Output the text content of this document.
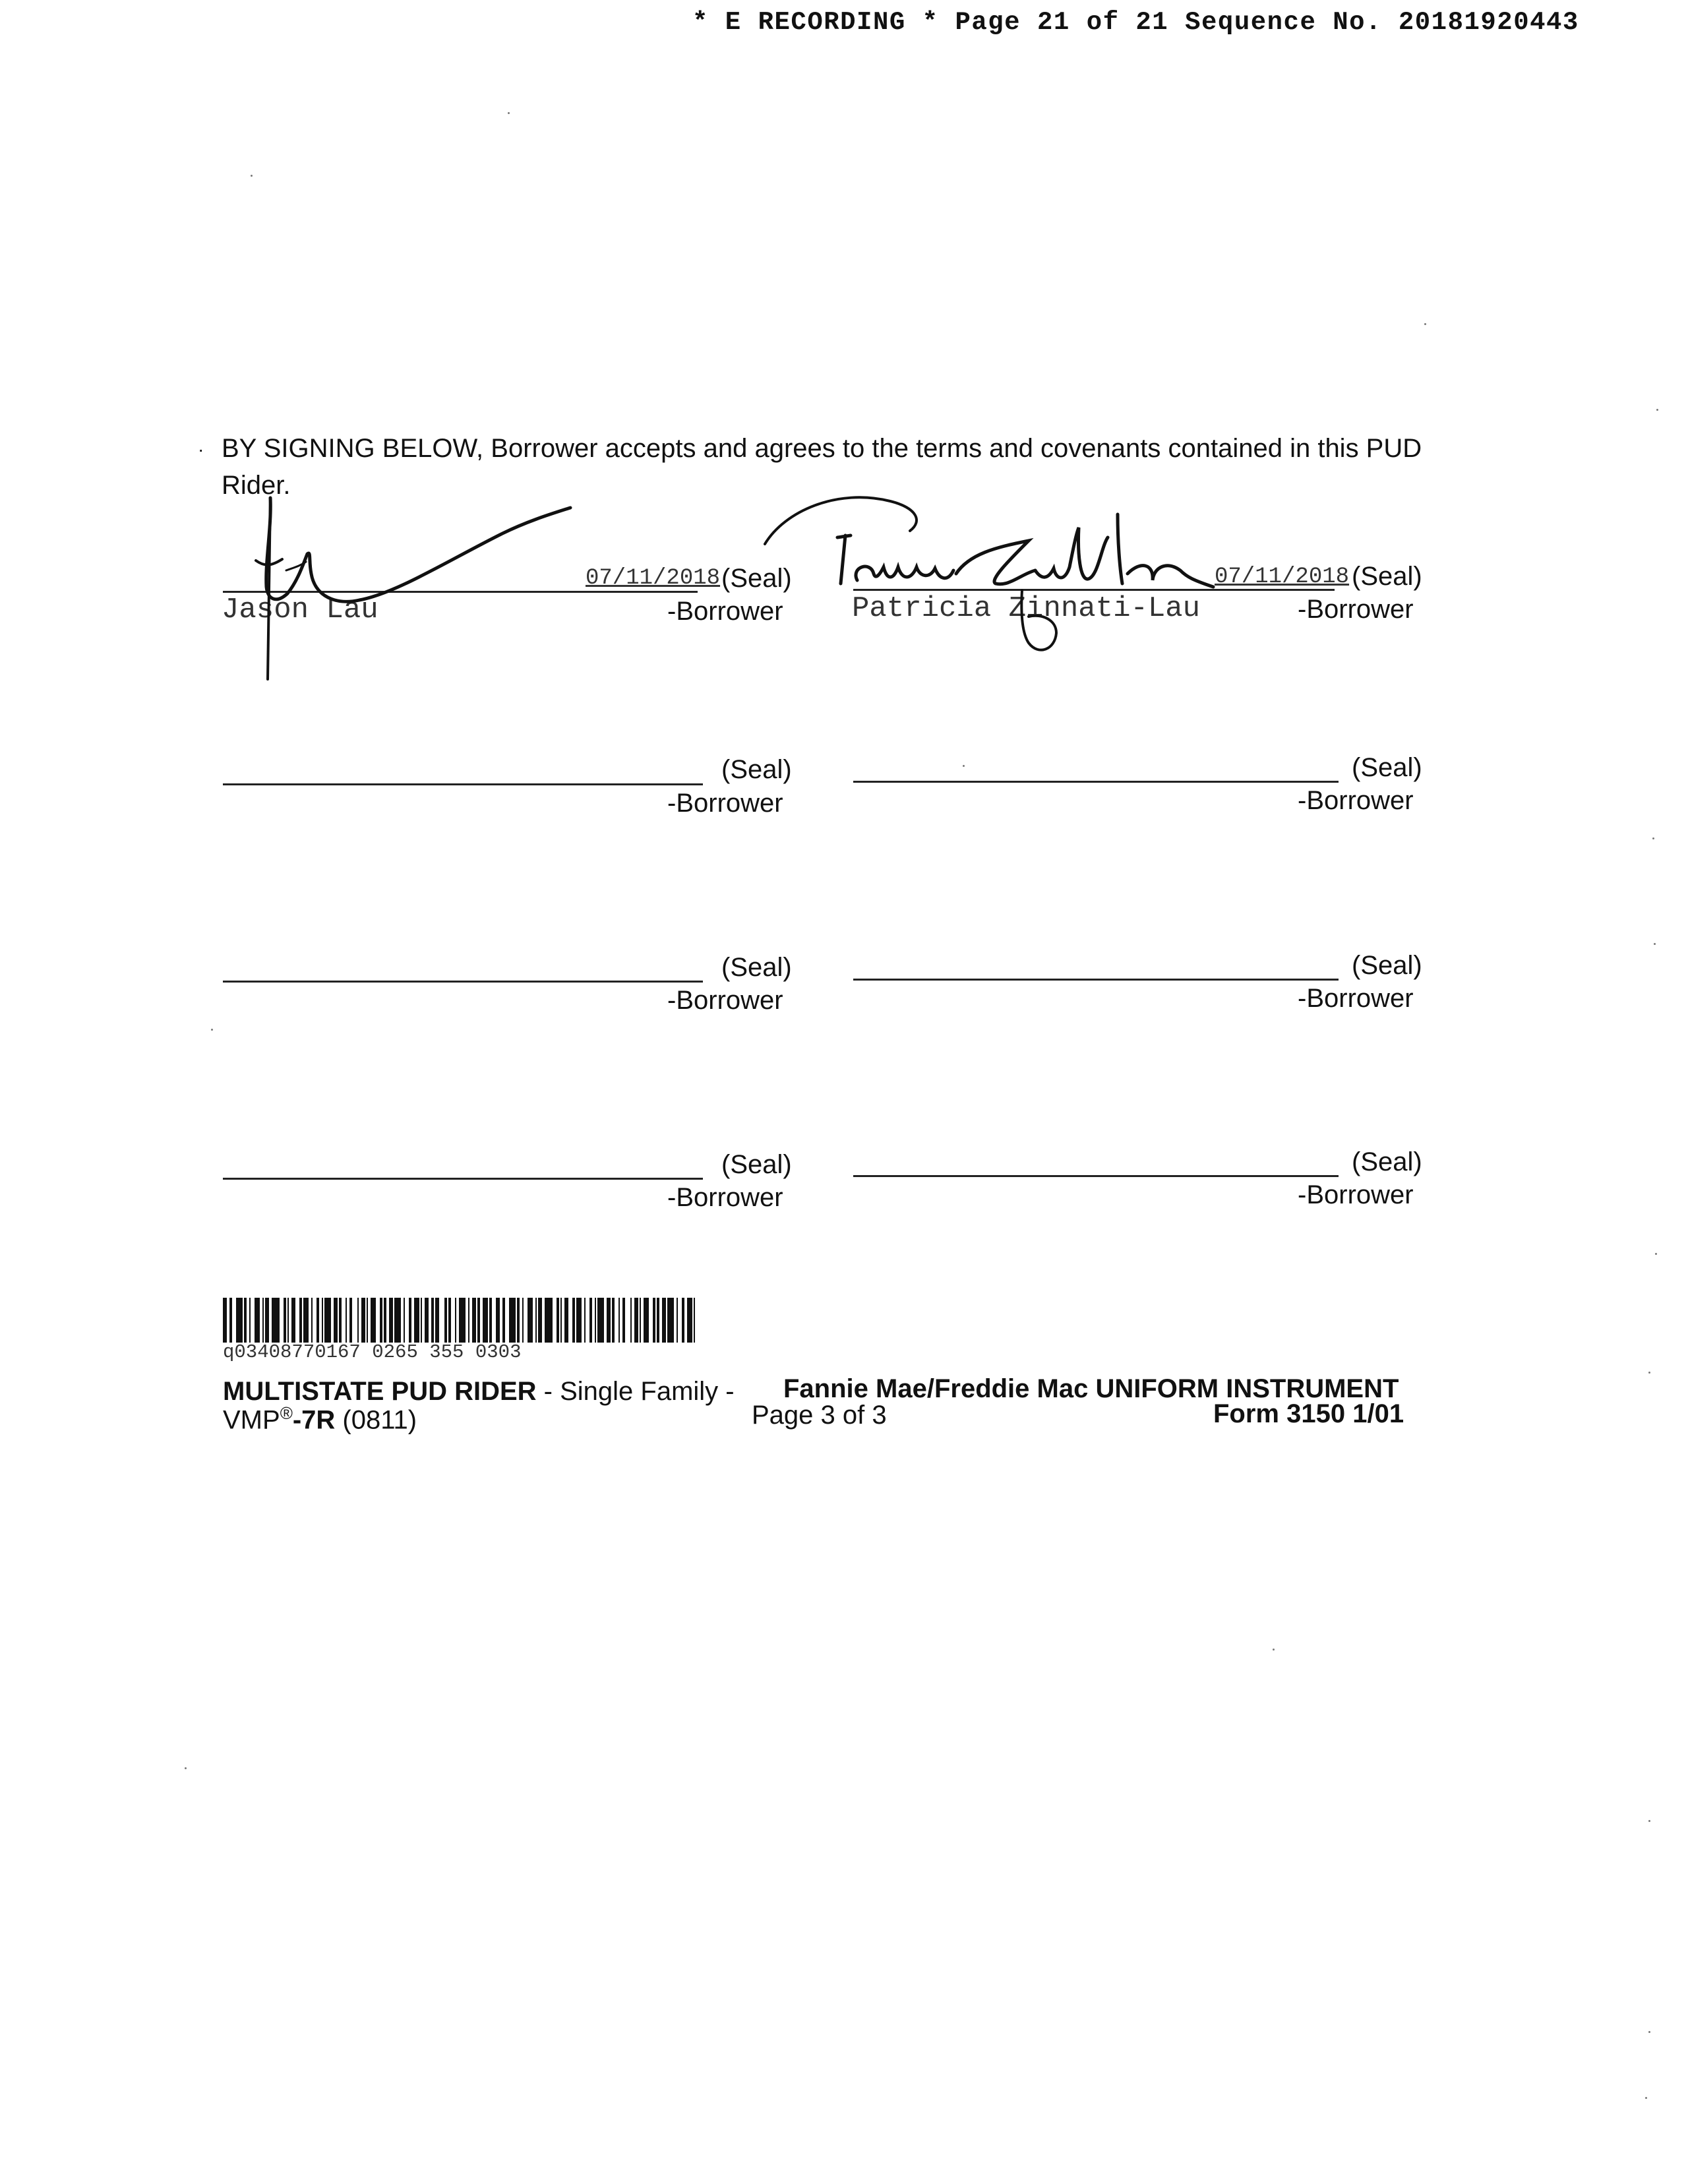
* E RECORDING * Page 21 of 21 Sequence No. 20181920443
· BY SIGNING BELOW, Borrower accepts and agrees to the terms and covenants contained in this PUD Rider.
07/11/2018 (Seal)
Jason Lau	-Borrower
07/11/2018 (Seal)
Patricia Zinnati-Lau	-Borrower
(Seal)
-Borrower
(Seal)
-Borrower
(Seal)
-Borrower
(Seal)
-Borrower
(Seal)
-Borrower
(Seal)
-Borrower
q03408770167 0265 355 0303
MULTISTATE PUD RIDER - Single Family - Fannie Mae/Freddie Mac UNIFORM INSTRUMENT
VMP®-7R (0811)	Page 3 of 3	Form 3150 1/01
